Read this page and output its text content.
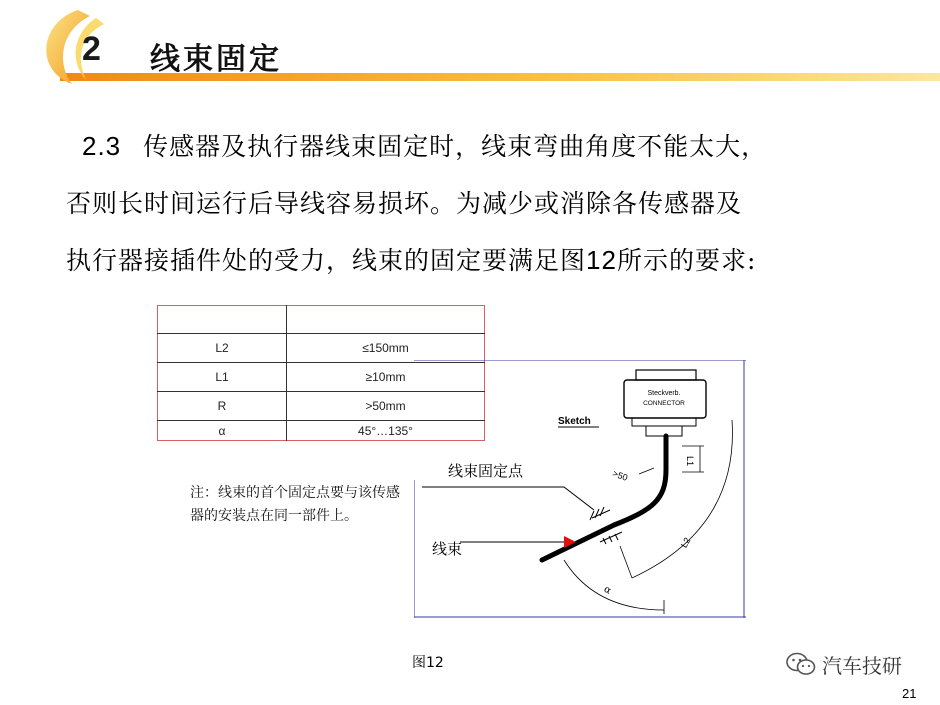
2 线束固定
2.3 传感器及执行器线束固定时，线束弯曲角度不能太大，
否则长时间运行后导线容易损坏。为减少或消除各传感器及
执行器接插件处的受力，线束的固定要满足图12所示的要求:

L2	≤150mm
L1	≥10mm
R	>50mm
α	45°…135°
注：线束的首个固定点要与该传感器的安装点在同一部件上。
Sketch
Steckverb.
CONNECTOR
>50
L1
L2
α
线束固定点
线束
图12	汽车技研
21
